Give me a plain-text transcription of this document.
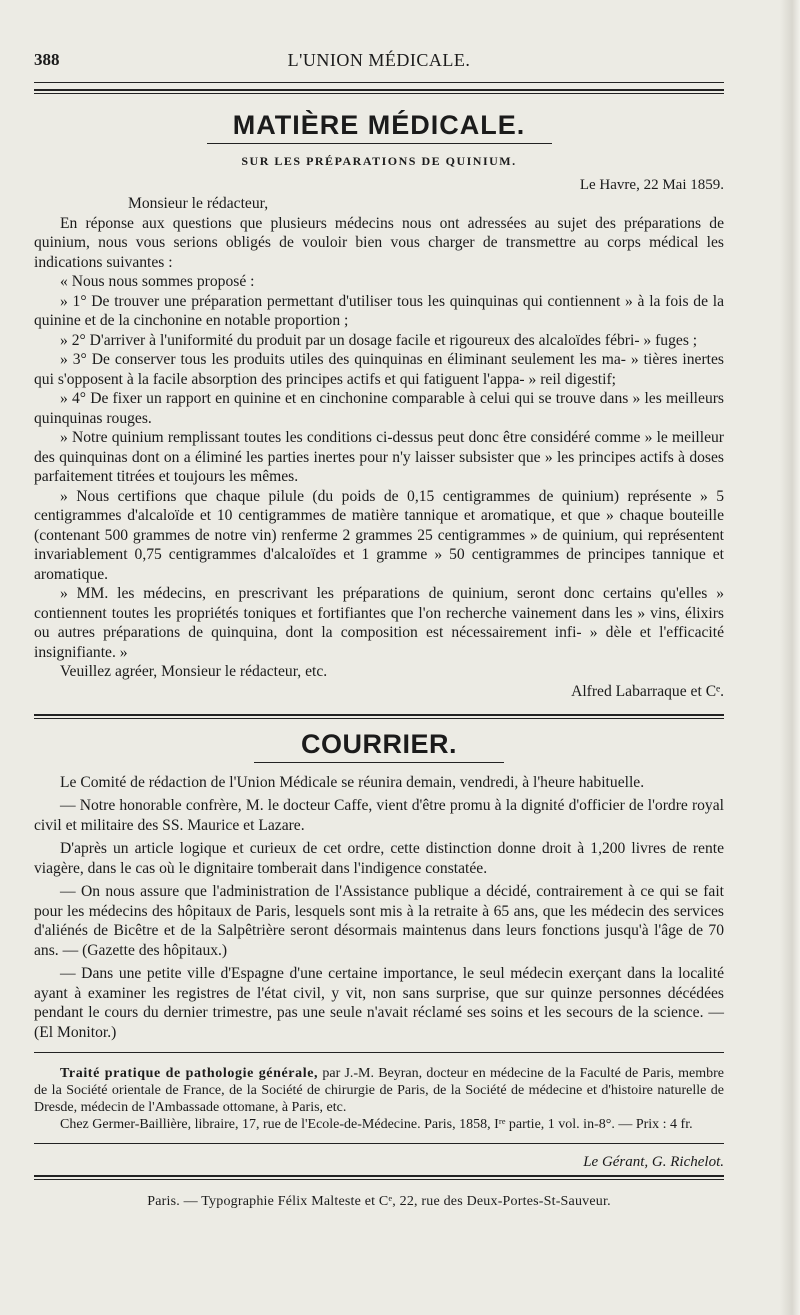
388	L'UNION MÉDICALE.
MATIÈRE MÉDICALE.
SUR LES PRÉPARATIONS DE QUINIUM.
Le Havre, 22 Mai 1859.

Monsieur le rédacteur,

En réponse aux questions que plusieurs médecins nous ont adressées au sujet des préparations de quinium, nous vous serions obligés de vouloir bien vous charger de transmettre au corps médical les indications suivantes :

« Nous nous sommes proposé :

» 1° De trouver une préparation permettant d'utiliser tous les quinquinas qui contiennent » à la fois de la quinine et de la cinchonine en notable proportion ;

» 2° D'arriver à l'uniformité du produit par un dosage facile et rigoureux des alcaloïdes fébri- » fuges ;

» 3° De conserver tous les produits utiles des quinquinas en éliminant seulement les ma- » tières inertes qui s'opposent à la facile absorption des principes actifs et qui fatiguent l'appa- » reil digestif;

» 4° De fixer un rapport en quinine et en cinchonine comparable à celui qui se trouve dans » les meilleurs quinquinas rouges.

» Notre quinium remplissant toutes les conditions ci-dessus peut donc être considéré comme » le meilleur des quinquinas dont on a éliminé les parties inertes pour n'y laisser subsister que » les principes actifs à doses parfaitement titrées et toujours les mêmes.

» Nous certifions que chaque pilule (du poids de 0,15 centigrammes de quinium) représente » 5 centigrammes d'alcaloïde et 10 centigrammes de matière tannique et aromatique, et que » chaque bouteille (contenant 500 grammes de notre vin) renferme 2 grammes 25 centigrammes » de quinium, qui représentent invariablement 0,75 centigrammes d'alcaloïdes et 1 gramme » 50 centigrammes de principes tannique et aromatique.

» MM. les médecins, en prescrivant les préparations de quinium, seront donc certains qu'elles » contiennent toutes les propriétés toniques et fortifiantes que l'on recherche vainement dans les » vins, élixirs ou autres préparations de quinquina, dont la composition est nécessairement infi- » dèle et l'efficacité insignifiante. »

Veuillez agréer, Monsieur le rédacteur, etc.

Alfred Labarraque et Cᵉ.
COURRIER.

Le Comité de rédaction de l'Union Médicale se réunira demain, vendredi, à l'heure habituelle.

— Notre honorable confrère, M. le docteur Caffe, vient d'être promu à la dignité d'officier de l'ordre royal civil et militaire des SS. Maurice et Lazare.

D'après un article logique et curieux de cet ordre, cette distinction donne droit à 1,200 livres de rente viagère, dans le cas où le dignitaire tomberait dans l'indigence constatée.

— On nous assure que l'administration de l'Assistance publique a décidé, contrairement à ce qui se fait pour les médecins des hôpitaux de Paris, lesquels sont mis à la retraite à 65 ans, que les médecin des services d'aliénés de Bicêtre et de la Salpêtrière seront désormais maintenus dans leurs fonctions jusqu'à l'âge de 70 ans. — (Gazette des hôpitaux.)

— Dans une petite ville d'Espagne d'une certaine importance, le seul médecin exerçant dans la localité ayant à examiner les registres de l'état civil, y vit, non sans surprise, que sur quinze personnes décédées pendant le cours du dernier trimestre, pas une seule n'avait réclamé ses soins et les secours de la science. — (El Monitor.)

Traité pratique de pathologie générale, par J.-M. Beyran, docteur en médecine de la Faculté de Paris, membre de la Société orientale de France, de la Société de chirurgie de Paris, de la Société de médecine et d'histoire naturelle de Dresde, médecin de l'Ambassade ottomane, à Paris, etc.

Chez Germer-Baillière, libraire, 17, rue de l'Ecole-de-Médecine. Paris, 1858, Iʳᵉ partie, 1 vol. in-8°. — Prix : 4 fr.

Le Gérant, G. Richelot.
Paris. — Typographie Félix Malteste et Cᵉ, 22, rue des Deux-Portes-St-Sauveur.
